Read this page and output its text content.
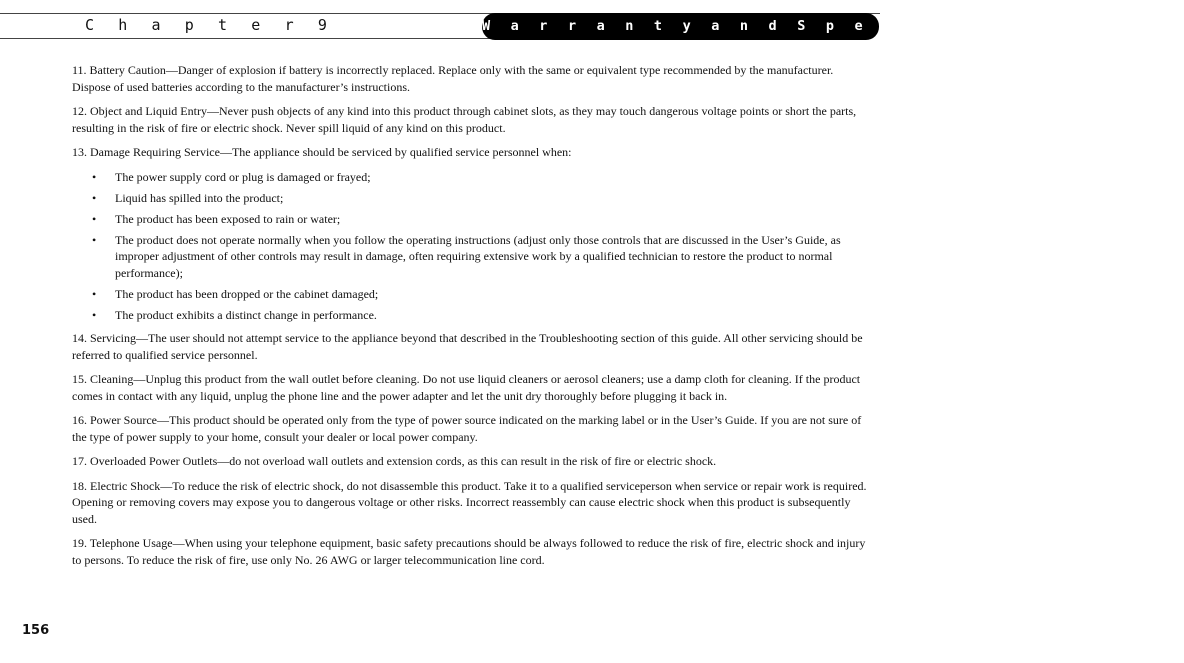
C h a p t e r 9	W a r r a n t y a n d S p e c i f i c a t i o n s

11. Battery Caution—Danger of explosion if battery is incorrectly replaced. Replace only with the same or equivalent type recommended by the manufacturer. Dispose of used batteries according to the manufacturer’s instructions.

12. Object and Liquid Entry—Never push objects of any kind into this product through cabinet slots, as they may touch dangerous voltage points or short the parts, resulting in the risk of fire or electric shock. Never spill liquid of any kind on this product.

13. Damage Requiring Service—The appliance should be serviced by qualified service personnel when:

• The power supply cord or plug is damaged or frayed;
• Liquid has spilled into the product;
• The product has been exposed to rain or water;
• The product does not operate normally when you follow the operating instructions (adjust only those controls that are discussed in the User’s Guide, as improper adjustment of other controls may result in damage, often requiring extensive work by a qualified technician to restore the product to normal performance);
• The product has been dropped or the cabinet damaged;
• The product exhibits a distinct change in performance.

14. Servicing—The user should not attempt service to the appliance beyond that described in the Troubleshooting section of this guide. All other servicing should be referred to qualified service personnel.

15. Cleaning—Unplug this product from the wall outlet before cleaning. Do not use liquid cleaners or aerosol cleaners; use a damp cloth for cleaning. If the product comes in contact with any liquid, unplug the phone line and the power adapter and let the unit dry thoroughly before plugging it back in.

16. Power Source—This product should be operated only from the type of power source indicated on the marking label or in the User’s Guide. If you are not sure of the type of power supply to your home, consult your dealer or local power company.

17. Overloaded Power Outlets—do not overload wall outlets and extension cords, as this can result in the risk of fire or electric shock.

18. Electric Shock—To reduce the risk of electric shock, do not disassemble this product. Take it to a qualified serviceperson when service or repair work is required. Opening or removing covers may expose you to dangerous voltage or other risks. Incorrect reassembly can cause electric shock when this product is subsequently used.

19. Telephone Usage—When using your telephone equipment, basic safety precautions should be always followed to reduce the risk of fire, electric shock and injury to persons. To reduce the risk of fire, use only No. 26 AWG or larger telecommunication line cord.

156
